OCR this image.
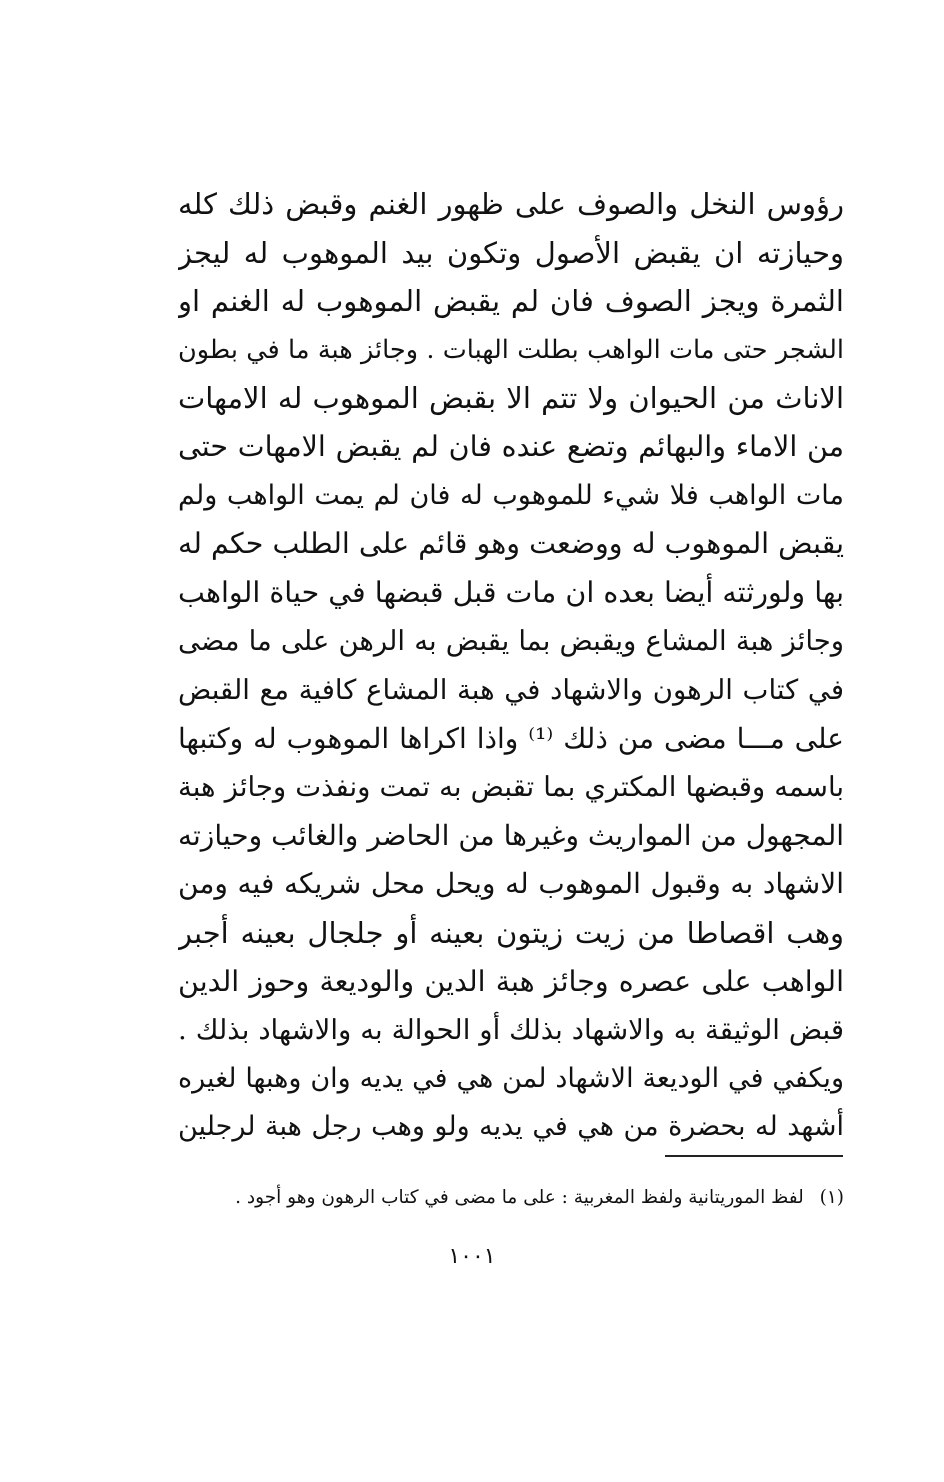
رؤوس النخل والصوف على ظهور الغنم وقبض ذلك كله
وحيازته ان يقبض الأصول وتكون بيد الموهوب له ليجز
الثمرة ويجز الصوف فان لم يقبض الموهوب له الغنم او
الشجر حتى مات الواهب بطلت الهبات . وجائز هبة ما في بطون
الاناث من الحيوان ولا تتم الا بقبض الموهوب له الامهات
من الاماء والبهائم وتضع عنده فان لم يقبض الامهات حتى
مات الواهب فلا شيء للموهوب له فان لم يمت الواهب ولم
يقبض الموهوب له ووضعت وهو قائم على الطلب حكم له
بها ولورثته أيضا بعده ان مات قبل قبضها في حياة الواهب
وجائز هبة المشاع ويقبض بما يقبض به الرهن على ما مضى
في كتاب الرهون والاشهاد في هبة المشاع كافية مع القبض
على مـــا مضى من ذلك ⁽¹⁾ واذا اكراها الموهوب له وكتبها
باسمه وقبضها المكتري بما تقبض به تمت ونفذت وجائز هبة
المجهول من المواريث وغيرها من الحاضر والغائب وحيازته
الاشهاد به وقبول الموهوب له ويحل محل شريكه فيه ومن
وهب اقصاطا من زيت زيتون بعينه أو جلجال بعينه أجبر
الواهب على عصره وجائز هبة الدين والوديعة وحوز الدين
قبض الوثيقة به والاشهاد بذلك أو الحوالة به والاشهاد بذلك .
ويكفي في الوديعة الاشهاد لمن هي في يديه وان وهبها لغيره
أشهد له بحضرة من هي في يديه ولو وهب رجل هبة لرجلين
(١) لفظ الموريتانية ولفظ المغربية : على ما مضى في كتاب الرهون وهو أجود .
١٠٠١
